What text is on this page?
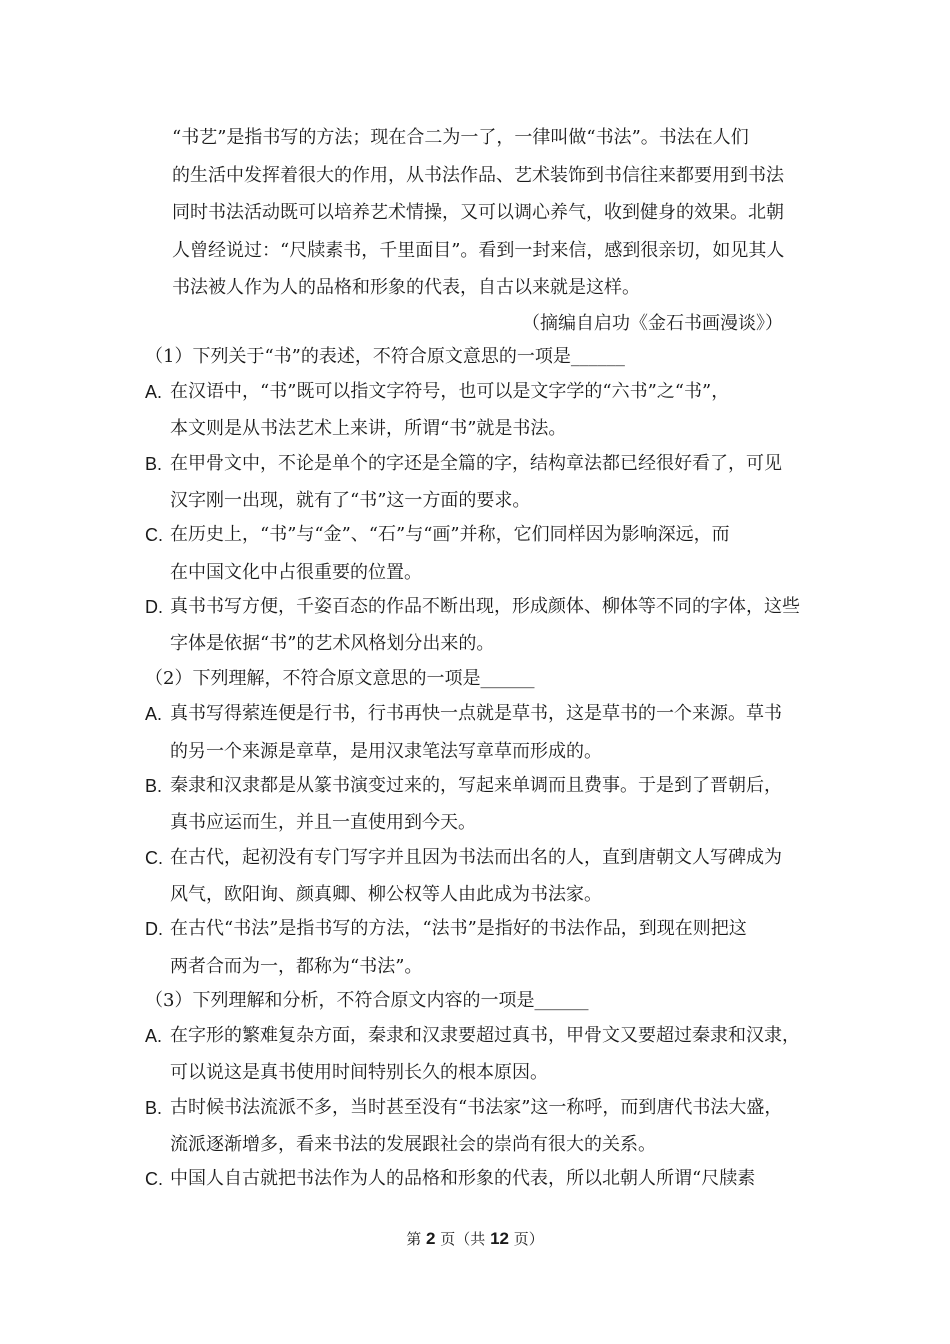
“书艺”是指书写的方法；现在合二为一了，一律叫做“书法”。书法在人们
的生活中发挥着很大的作用，从书法作品、艺术装饰到书信往来都要用到书法
同时书法活动既可以培养艺术情操，又可以调心养气，收到健身的效果。北朝
人曾经说过：“尺牍素书，千里面目”。看到一封来信，感到很亲切，如见其人
书法被人作为人的品格和形象的代表，自古以来就是这样。
（摘编自启功《金石书画漫谈》）
（1）下列关于“书”的表述，不符合原文意思的一项是______
A. 在汉语中，“书”既可以指文字符号，也可以是文字学的“六书”之“书”，
本文则是从书法艺术上来讲，所谓“书”就是书法。
B. 在甲骨文中，不论是单个的字还是全篇的字，结构章法都已经很好看了，可见
汉字刚一出现，就有了“书”这一方面的要求。
C. 在历史上，“书”与“金”、“石”与“画”并称，它们同样因为影响深远，而
在中国文化中占很重要的位置。
D. 真书书写方便，千姿百态的作品不断出现，形成颜体、柳体等不同的字体，这些
字体是依据“书”的艺术风格划分出来的。
（2）下列理解，不符合原文意思的一项是______
A. 真书写得萦连便是行书，行书再快一点就是草书，这是草书的一个来源。草书
的另一个来源是章草，是用汉隶笔法写章草而形成的。
B. 秦隶和汉隶都是从篆书演变过来的，写起来单调而且费事。于是到了晋朝后，
真书应运而生，并且一直使用到今天。
C. 在古代，起初没有专门写字并且因为书法而出名的人，直到唐朝文人写碑成为
风气，欧阳询、颜真卿、柳公权等人由此成为书法家。
D. 在古代“书法”是指书写的方法，“法书”是指好的书法作品，到现在则把这
两者合而为一，都称为“书法”。
（3）下列理解和分析，不符合原文内容的一项是______
A. 在字形的繁难复杂方面，秦隶和汉隶要超过真书，甲骨文又要超过秦隶和汉隶，
可以说这是真书使用时间特别长久的根本原因。
B. 古时候书法流派不多，当时甚至没有“书法家”这一称呼，而到唐代书法大盛，
流派逐渐增多，看来书法的发展跟社会的崇尚有很大的关系。
C. 中国人自古就把书法作为人的品格和形象的代表，所以北朝人所谓“尺牍素
第 2 页（共 12 页）
